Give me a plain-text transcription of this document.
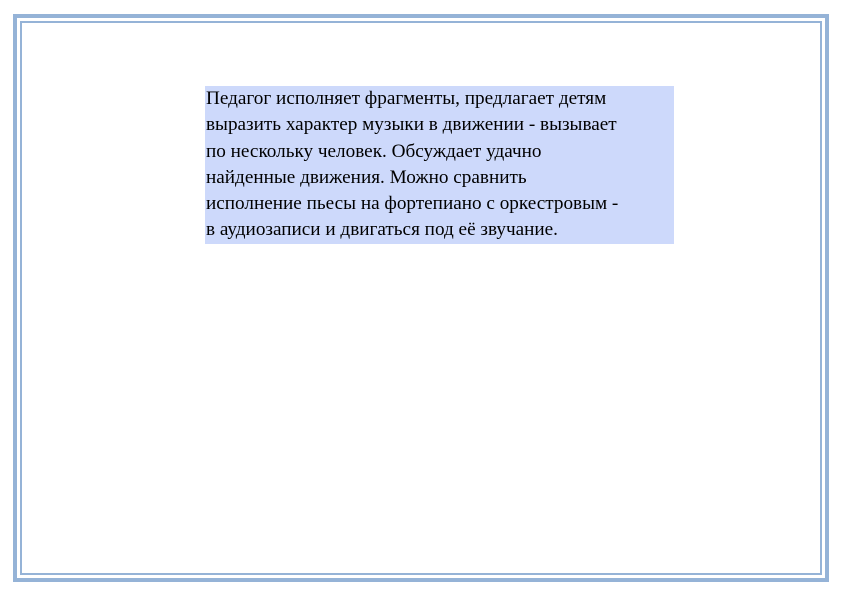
Педагог исполняет фрагменты, предлагает детям
выразить характер музыки в движении - вызывает
по нескольку человек. Обсуждает удачно
найденные движения. Можно сравнить
исполнение пьесы на фортепиано с оркестровым -
в аудиозаписи и двигаться под её звучание.
